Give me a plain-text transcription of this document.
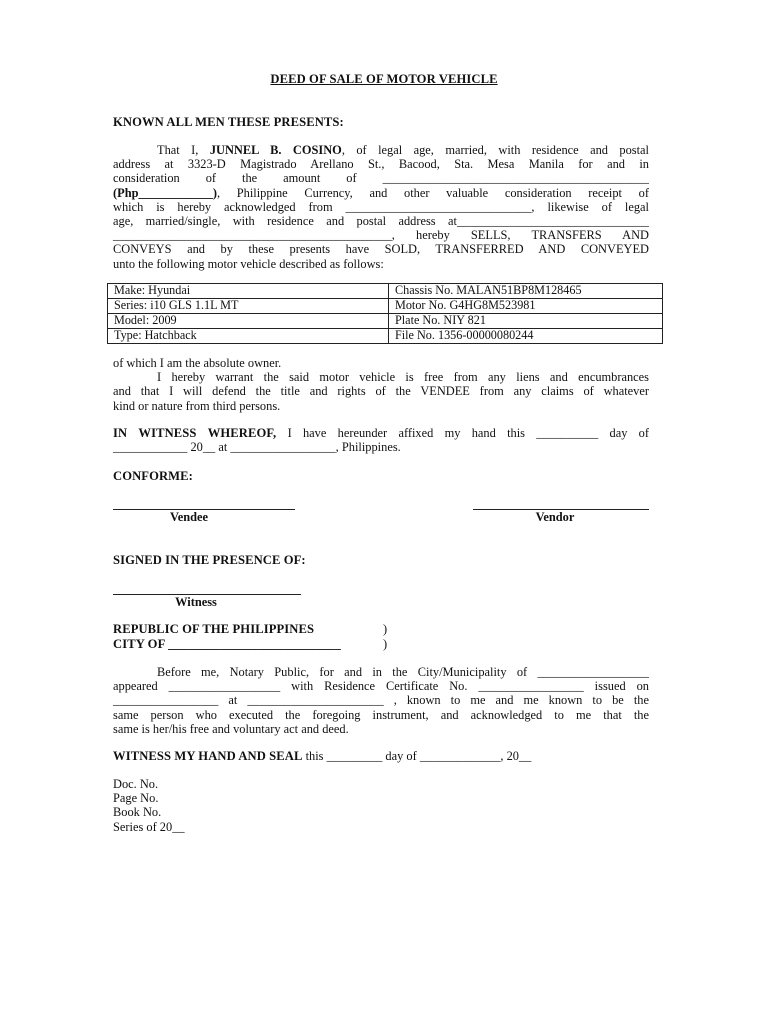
DEED OF SALE OF MOTOR VEHICLE
KNOWN ALL MEN THESE PRESENTS:
That I, JUNNEL B. COSINO, of legal age, married, with residence and postal
address at 3323-D Magistrado Arellano St., Bacood, Sta. Mesa Manila for and in
consideration of the amount of ___________________________________________
(Php____________), Philippine Currency, and other valuable consideration receipt of
which is hereby acknowledged from ______________________________, likewise of legal
age, married/single, with residence and postal address at_______________________________
_____________________________________________, hereby SELLS, TRANSFERS AND
CONVEYS and by these presents have SOLD, TRANSFERRED AND CONVEYED
unto the following motor vehicle described as follows:
Make: Hyundai	Chassis No. MALAN51BP8M128465
Series: i10 GLS 1.1L MT	Motor No. G4HG8M523981
Model: 2009	Plate No. NIY 821
Type: Hatchback	File No. 1356-00000080244
of which I am the absolute owner.
I hereby warrant the said motor vehicle is free from any liens and encumbrances
and that I will defend the title and rights of the VENDEE from any claims of whatever
kind or nature from third persons.
IN WITNESS WHEREOF, I have hereunder affixed my hand this __________ day of
____________ 20__ at _________________, Philippines.
CONFORME:
Vendee	Vendor
SIGNED IN THE PRESENCE OF:
Witness
REPUBLIC OF THE PHILIPPINES	)
CITY OF ___________________________	)
Before me, Notary Public, for and in the City/Municipality of __________________
appeared __________________ with Residence Certificate No. _________________ issued on
_________________ at ______________________ , known to me and me known to be the
same person who executed the foregoing instrument, and acknowledged to me that the
same is her/his free and voluntary act and deed.
WITNESS MY HAND AND SEAL this _________ day of _____________, 20__
Doc. No.
Page No.
Book No.
Series of 20__
